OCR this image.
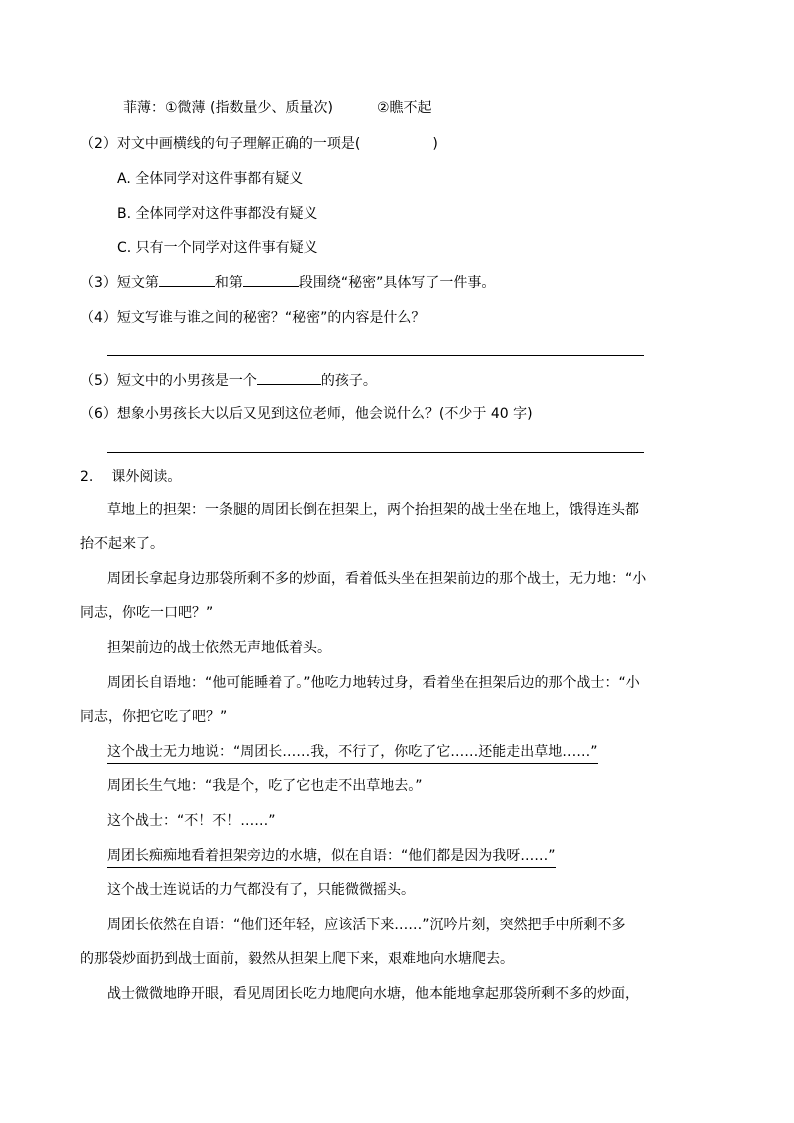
菲薄：①微薄 (指数量少、质量次)	②瞧不起
（2）对文中画横线的句子理解正确的一项是(	)
A. 全体同学对这件事都有疑义
B. 全体同学对这件事都没有疑义
C. 只有一个同学对这件事有疑义
（3）短文第	和第	段围绕“秘密”具体写了一件事。
（4）短文写谁与谁之间的秘密？“秘密”的内容是什么？
（5）短文中的小男孩是一个	的孩子。
（6）想象小男孩长大以后又见到这位老师，他会说什么？(不少于 40 字)
2. 课外阅读。
草地上的担架：一条腿的周团长倒在担架上，两个抬担架的战士坐在地上，饿得连头都
抬不起来了。
周团长拿起身边那袋所剩不多的炒面，看着低头坐在担架前边的那个战士，无力地：“小
同志，你吃一口吧？”
担架前边的战士依然无声地低着头。
周团长自语地：“他可能睡着了。”他吃力地转过身，看着坐在担架后边的那个战士：“小
同志，你把它吃了吧？”
这个战士无力地说：“周团长……我，不行了，你吃了它……还能走出草地……”
周团长生气地：“我是个，吃了它也走不出草地去。”
这个战士：“不！不！……”
周团长痴痴地看着担架旁边的水塘，似在自语：“他们都是因为我呀……”
这个战士连说话的力气都没有了，只能微微摇头。
周团长依然在自语：“他们还年轻，应该活下来……”沉吟片刻，突然把手中所剩不多
的那袋炒面扔到战士面前，毅然从担架上爬下来，艰难地向水塘爬去。
战士微微地睁开眼，看见周团长吃力地爬向水塘，他本能地拿起那袋所剩不多的炒面，
